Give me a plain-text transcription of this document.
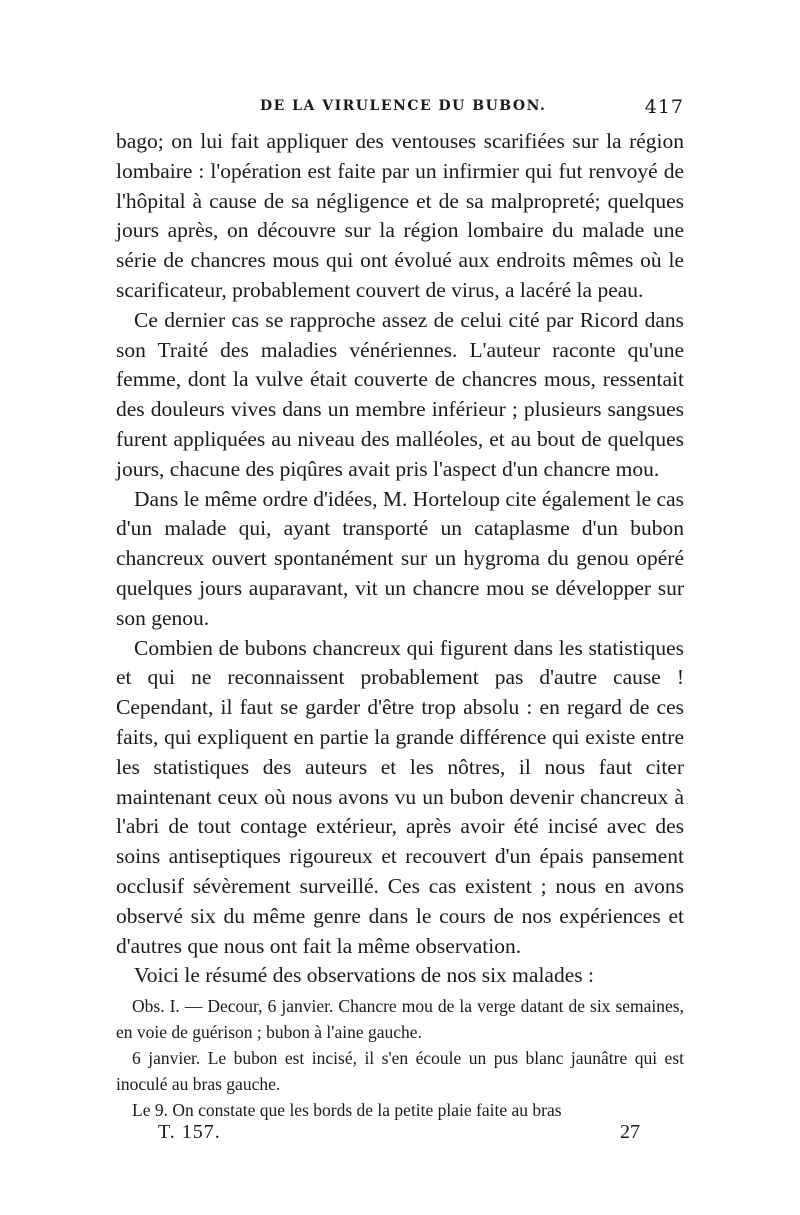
DE LA VIRULENCE DU BUBON.	417

bago; on lui fait appliquer des ventouses scarifiées sur la région lombaire : l'opération est faite par un infirmier qui fut renvoyé de l'hôpital à cause de sa négligence et de sa malpropreté; quelques jours après, on découvre sur la région lombaire du malade une série de chancres mous qui ont évolué aux endroits mêmes où le scarificateur, probablement couvert de virus, a lacéré la peau.

Ce dernier cas se rapproche assez de celui cité par Ricord dans son Traité des maladies vénériennes. L'auteur raconte qu'une femme, dont la vulve était couverte de chancres mous, ressentait des douleurs vives dans un membre inférieur ; plusieurs sangsues furent appliquées au niveau des malléoles, et au bout de quelques jours, chacune des piqûres avait pris l'aspect d'un chancre mou.

Dans le même ordre d'idées, M. Horteloup cite également le cas d'un malade qui, ayant transporté un cataplasme d'un bubon chancreux ouvert spontanément sur un hygroma du genou opéré quelques jours auparavant, vit un chancre mou se développer sur son genou.

Combien de bubons chancreux qui figurent dans les statistiques et qui ne reconnaissent probablement pas d'autre cause ! Cependant, il faut se garder d'être trop absolu : en regard de ces faits, qui expliquent en partie la grande différence qui existe entre les statistiques des auteurs et les nôtres, il nous faut citer maintenant ceux où nous avons vu un bubon devenir chancreux à l'abri de tout contage extérieur, après avoir été incisé avec des soins antiseptiques rigoureux et recouvert d'un épais pansement occlusif sévèrement surveillé. Ces cas existent ; nous en avons observé six du même genre dans le cours de nos expériences et d'autres que nous ont fait la même observation.

Voici le résumé des observations de nos six malades :

Obs. I. — Decour, 6 janvier. Chancre mou de la verge datant de six semaines, en voie de guérison ; bubon à l'aine gauche.

6 janvier. Le bubon est incisé, il s'en écoule un pus blanc jaunâtre qui est inoculé au bras gauche.

Le 9. On constate que les bords de la petite plaie faite au bras

T. 157.	27
